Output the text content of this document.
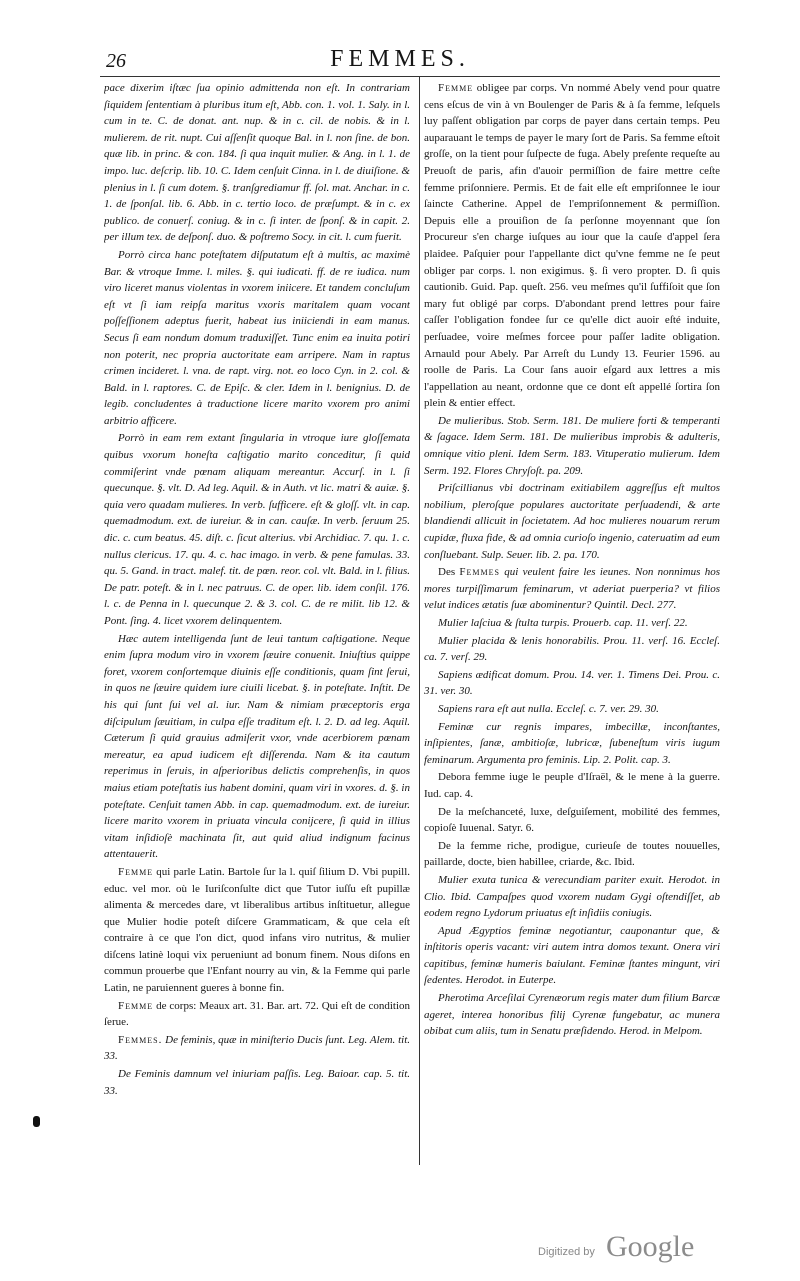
26	FEMMES.

pace dixerim iſtæc ſua opinio admittenda non eſt. In contrariam ſiquidem ſententiam à pluribus itum eſt, Abb. con. 1. vol. 1. Saly. in l. cum in te. C. de donat. ant. nup. & in c. cil. de nobis. & in l. mulierem. de rit. nupt. Cui aſſenſit quoque Bal. in l. non ſine. de bon. quæ lib. in princ. & con. 184. ſi qua inquit mulier. & Ang. in l. 1. de impo. luc. deſcrip. lib. 10. C. Idem cenſuit Cinna. in l. de diuiſione. & plenius in l. ſi cum dotem. §. tranſgrediamur ff. ſol. mat. Anchar. in c. 1. de ſponſal. lib. 6. Abb. in c. tertio loco. de præſumpt. & in c. ex publico. de conuerſ. coniug. & in c. ſi inter. de ſponſ. & in capit. 2. per illum tex. de deſponſ. duo. & poſtremo Socy. in cit. l. cum fuerit.

Porrò circa hanc poteſtatem diſputatum eſt à multis, ac maximè Bar. & vtroque Imme. l. miles. §. qui iudicati. ff. de re iudica. num viro liceret manus violentas in vxorem iniicere. Et tandem concluſum eſt vt ſi iam reipſa maritus vxoris maritalem quam vocant poſſeſſionem adeptus fuerit, habeat ius iniiciendi in eam manus. Secus ſi eam nondum domum traduxiſſet. Tunc enim ea inuita potiri non poterit, nec propria auctoritate eam arripere. Nam in raptus crimen incideret. l. vna. de rapt. virg. not. eo loco Cyn. in 2. col. & Bald. in l. raptores. C. de Epiſc. & cler. Idem in l. benignius. D. de legib. concludentes à traductione licere marito vxorem pro animi arbitrio afficere.

Porrò in eam rem extant ſingularia in vtroque iure gloſſemata quibus vxorum honeſta caſtigatio marito conceditur, ſi quid commiſerint vnde pœnam aliquam mereantur. Accurſ. in l. ſi quecunque. §. vlt. D. Ad leg. Aquil. & in Auth. vt lic. matri & auiæ. §. quia vero quadam mulieres. In verb. ſufficere. eſt & gloſſ. vlt. in cap. quemadmodum. ext. de iureiur. & in can. cauſæ. In verb. ſeruum 25. dic. c. cum beatus. 45. diſt. c. ſicut alterius. vbi Archidiac. 7. qu. 1. c. nullus clericus. 17. qu. 4. c. hac imago. in verb. & pene famulas. 33. qu. 5. Gand. in tract. malef. tit. de pœn. reor. col. vlt. Bald. in l. filius. De patr. poteſt. & in l. nec patruus. C. de oper. lib. idem conſil. 176. l. c. de Penna in l. quecunque 2. & 3. col. C. de re milit. lib 12. & Pont. ſing. 4. licet vxorem delinquentem.

Hæc autem intelligenda ſunt de leui tantum caſtigatione. Neque enim ſupra modum viro in vxorem ſæuire conuenit. Iniuſtius quippe foret, vxorem conſortemque diuinis eſſe conditionis, quam ſint ſerui, in quos ne ſæuire quidem iure ciuili licebat. §. in poteſtate. Inſtit. De his qui ſunt ſui vel al. iur. Nam & nimiam præceptoris erga diſcipulum ſæuitiam, in culpa eſſe traditum eſt. l. 2. D. ad leg. Aquil. Cæterum ſi quid grauius admiſerit vxor, vnde acerbiorem pœnam mereatur, ea apud iudicem eſt diſſerenda. Nam & ita cautum reperimus in ſeruis, in aſperioribus delictis comprehenſis, in quos maius etiam poteſtatis ius habent domini, quam viri in vxores. d. §. in poteſtate. Cenſuit tamen Abb. in cap. quemadmodum. ext. de iureiur. licere marito vxorem in priuata vincula conijcere, ſi quid in illius vitam inſidioſè machinata ſit, aut quid aliud indignum facinus attentauerit.

Femme qui parle Latin. Bartole ſur la l. quiſ ſilium D. Vbi pupill. educ. vel mor. où le Iuriſconſulte dict que Tutor iuſſu eſt pupillæ alimenta & mercedes dare, vt liberalibus artibus inſtituetur, allegue que Mulier hodie poteſt diſcere Grammaticam, & que cela eſt contraire à ce que l'on dict, quod infans viro nutritus, & mulier diſcens latinè loqui vix perueniunt ad bonum finem. Nous diſons en commun prouerbe que l'Enfant nourry au vin, & la Femme qui parle Latin, ne paruiennent gueres à bonne fin.

Femme de corps: Meaux art. 31. Bar. art. 72. Qui eſt de condition ſerue.

Femmes. De feminis, quæ in miniſterio Ducis ſunt. Leg. Alem. tit. 33.

De Feminis damnum vel iniuriam paſſis. Leg. Baioar. cap. 5. tit. 33.

Femme obligee par corps. Vn nommé Abely vend pour quatre cens eſcus de vin à vn Boulenger de Paris & à ſa femme, leſquels luy paſſent obligation par corps de payer dans certain temps. Peu auparauant le temps de payer le mary ſort de Paris. Sa femme eſtoit groſſe, on la tient pour ſuſpecte de fuga. Abely preſente requeſte au Preuoſt de paris, afin d'auoir permiſſion de faire mettre ceſte femme priſonniere. Permis. Et de fait elle eſt empriſonnee le iour ſaincte Catherine. Appel de l'empriſonnement & permiſſion. Depuis elle a prouiſion de ſa perſonne moyennant que ſon Procureur s'en charge iuſques au iour que la cauſe d'appel ſera plaidee. Paſquier pour l'appellante dict qu'vne femme ne ſe peut obliger par corps. l. non exigimus. §. ſi vero propter. D. ſi quis cautionib. Guid. Pap. queſt. 256. veu meſmes qu'il ſuffiſoit que ſon mary fut obligé par corps. D'abondant prend lettres pour faire caſſer l'obligation fondee ſur ce qu'elle dict auoir eſté induite, perſuadee, voire meſmes forcee pour paſſer ladite obligation. Arnauld pour Abely. Par Arreſt du Lundy 13. Feurier 1596. au roolle de Paris. La Cour ſans auoir eſgard aux lettres a mis l'appellation au neant, ordonne que ce dont eſt appellé ſortira ſon plein & entier effect.

De mulieribus. Stob. Serm. 181. De muliere forti & temperanti & ſagace. Idem Serm. 181. De mulieribus improbis & adulteris, omnique vitio pleni. Idem Serm. 183. Vituperatio mulierum. Idem Serm. 192. Flores Chryſoſt. pa. 209.

Priſcillianus vbi doctrinam exitiabilem aggreſſus eſt multos nobilium, pleroſque populares auctoritate perſuadendi, & arte blandiendi allicuit in ſocietatem. Ad hoc mulieres nouarum rerum cupidæ, fluxa fide, & ad omnia curioſo ingenio, cateruatim ad eum conſluebant. Sulp. Seuer. lib. 2. pa. 170.

Des Femmes qui veulent faire les ieunes. Non nonnimus hos mores turpiſſimarum feminarum, vt aderiat puerperia? vt filios velut indices ætatis ſuæ abominentur? Quintil. Decl. 277.

Mulier laſciua & ſtulta turpis. Prouerb. cap. 11. verſ. 22.

Mulier placida & lenis honorabilis. Prou. 11. verſ. 16. Eccleſ. ca. 7. verſ. 29.

Sapiens ædificat domum. Prou. 14. ver. 1. Timens Dei. Prou. c. 31. ver. 30.

Sapiens rara eſt aut nulla. Eccleſ. c. 7. ver. 29. 30.

Feminæ cur regnis impares, imbecillæ, inconſtantes, inſipientes, ſanæ, ambitioſæ, lubricæ, ſubeneſtum viris iugum feminarum. Argumenta pro feminis. Lip. 2. Polit. cap. 3.

Debora femme iuge le peuple d'Iſraël, & le mene à la guerre. Iud. cap. 4.

De la meſchanceté, luxe, deſguiſement, mobilité des femmes, copioſè Iuuenal. Satyr. 6.

De la femme riche, prodigue, curieuſe de toutes nouuelles, paillarde, docte, bien habillee, criarde, &c. Ibid.

Mulier exuta tunica & verecundiam pariter exuit. Herodot. in Clio. Ibid. Campaſpes quod vxorem nudam Gygi oſtendiſſet, ab eodem regno Lydorum priuatus eſt inſidiis coniugis.

Apud Ægyptios feminæ negotiantur, cauponantur que, & inſtitoris operis vacant: viri autem intra domos texunt. Onera viri capitibus, feminæ humeris baiulant. Feminæ ſtantes mingunt, viri ſedentes. Herodot. in Euterpe.

Pherotima Arceſilai Cyrenæorum regis mater dum filium Barcæ ageret, interea honoribus filij Cyrenæ fungebatur, ac munera obibat cum aliis, tum in Senatu præſidendo. Herod. in Melpom.

Digitized by Google
